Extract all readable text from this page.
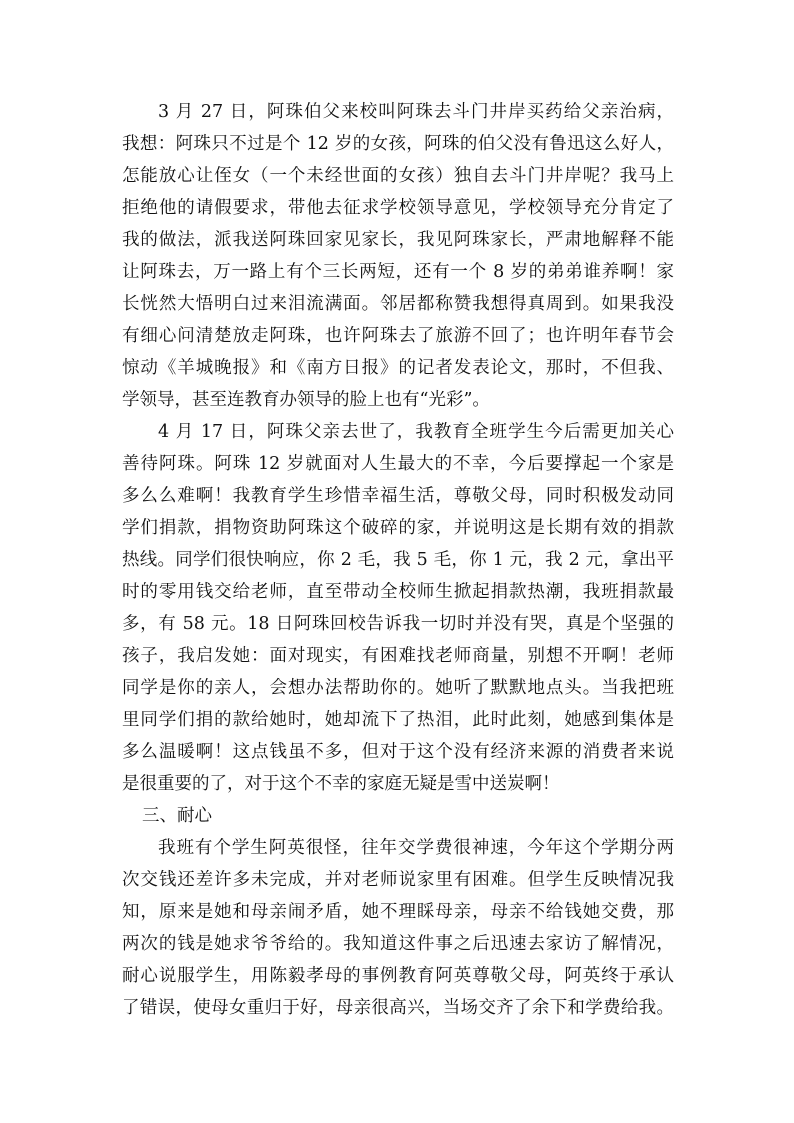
3 月 27 日，阿珠伯父来校叫阿珠去斗门井岸买药给父亲治病，
我想：阿珠只不过是个 12 岁的女孩，阿珠的伯父没有鲁迅这么好人，
怎能放心让侄女（一个未经世面的女孩）独自去斗门井岸呢？我马上
拒绝他的请假要求，带他去征求学校领导意见，学校领导充分肯定了
我的做法，派我送阿珠回家见家长，我见阿珠家长，严肃地解释不能
让阿珠去，万一路上有个三长两短，还有一个 8 岁的弟弟谁养啊！家
长恍然大悟明白过来泪流满面。邻居都称赞我想得真周到。如果我没
有细心问清楚放走阿珠，也许阿珠去了旅游不回了；也许明年春节会
惊动《羊城晚报》和《南方日报》的记者发表论文，那时，不但我、
学领导，甚至连教育办领导的脸上也有“光彩”。
4 月 17 日，阿珠父亲去世了，我教育全班学生今后需更加关心
善待阿珠。阿珠 12 岁就面对人生最大的不幸，今后要撑起一个家是
多么么难啊！我教育学生珍惜幸福生活，尊敬父母，同时积极发动同
学们捐款，捐物资助阿珠这个破碎的家，并说明这是长期有效的捐款
热线。同学们很快响应，你 2 毛，我 5 毛，你 1 元，我 2 元，拿出平
时的零用钱交给老师，直至带动全校师生掀起捐款热潮，我班捐款最
多，有 58 元。18 日阿珠回校告诉我一切时并没有哭，真是个坚强的
孩子，我启发她：面对现实，有困难找老师商量，别想不开啊！老师
同学是你的亲人，会想办法帮助你的。她听了默默地点头。当我把班
里同学们捐的款给她时，她却流下了热泪，此时此刻，她感到集体是
多么温暖啊！这点钱虽不多，但对于这个没有经济来源的消费者来说
是很重要的了，对于这个不幸的家庭无疑是雪中送炭啊！
三、耐心
我班有个学生阿英很怪，往年交学费很神速，今年这个学期分两
次交钱还差许多未完成，并对老师说家里有困难。但学生反映情况我
知，原来是她和母亲闹矛盾，她不理睬母亲，母亲不给钱她交费，那
两次的钱是她求爷爷给的。我知道这件事之后迅速去家访了解情况，
耐心说服学生，用陈毅孝母的事例教育阿英尊敬父母，阿英终于承认
了错误，使母女重归于好，母亲很高兴，当场交齐了余下和学费给我。
